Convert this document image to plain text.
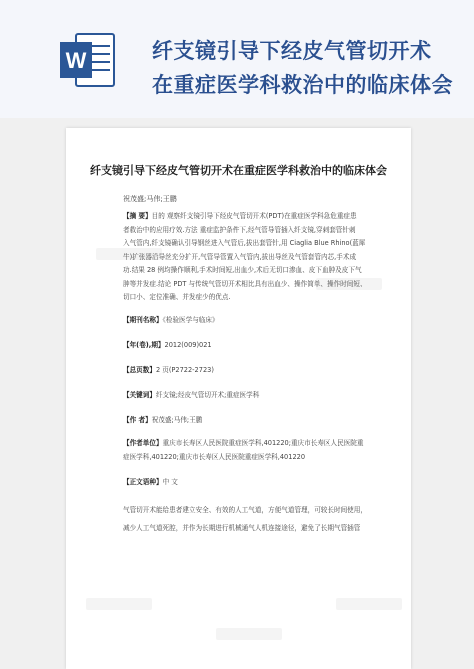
W	纤支镜引导下经皮气管切开术
在重症医学科救治中的临床体会
纤支镜引导下经皮气管切开术在重症医学科救治中的临床体会
祝茂盛;马伟;王鹏
【摘 要】目的 观察纤支镜引导下经皮气管切开术(PDT)在重症医学科急危重症患
者救治中的应用疗效.方法 重症监护条件下,经气管导管插入纤支镜,穿刺套管针刺
入气管内,纤支镜确认引导钢丝进入气管后,拔出套管针,用 Ciaglia Blue Rhino(蓝犀
牛)扩张器沿导丝充分扩开,气管导管置入气管内,拔出导丝及气管套管内芯,手术成
功.结果 28 例均操作顺利,手术时间短,出血少,术后无切口渗血、皮下血肿及皮下气
肿等并发症.结论 PDT 与传统气管切开术相比具有出血少、操作简单、操作时间短、
切口小、定位准确、并发症少的优点.
【期刊名称】《检验医学与临床》
【年(卷),期】2012(009)021
【总页数】2 页(P2722-2723)
【关键词】纤支镜;经皮气管切开术;重症医学科
【作 者】祝茂盛;马伟;王鹏
【作者单位】重庆市长寿区人民医院重症医学科,401220;重庆市长寿区人民医院重
症医学科,401220;重庆市长寿区人民医院重症医学科,401220
【正文语种】中 文
气管切开术能给患者建立安全、有效的人工气道，方便气道管理，可较长时间使用，
减少人工气道死腔，并作为长期进行机械通气人机连接途径，避免了长期气管插管
